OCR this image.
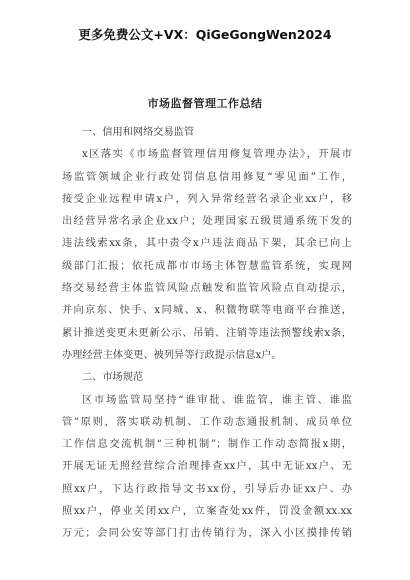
更多免费公文+VX：QiGeGongWen2024
市场监督管理工作总结
一、信用和网络交易监管
x区落实《市场监督管理信用修复管理办法》，开展市
场监管领域企业行政处罚信息信用修复“零见面”工作，
接受企业远程申请x户，列入异常经营名录企业xx户，移
出经营异常名录企业xx户；处理国家五级贯通系统下发的
违法线索xx条，其中责令x户违法商品下架，其余已向上
级部门汇报；依托成都市市场主体智慧监管系统，实现网
络交易经营主体监管风险点触发和监管风险点自动提示，
并向京东、快手、x同城、x、积微物联等电商平台推送，
累计推送变更未更新公示、吊销、注销等违法预警线索x条，
办理经营主体变更、被列异等行政提示信息x户。
二、市场规范
区市场监管局坚持“谁审批、谁监管，谁主管、谁监
管”原则，落实联动机制、工作动态通报机制、成员单位
工作信息交流机制“三种机制”；制作工作动态简报x期，
开展无证无照经营综合治理排查xx户，其中无证xx户、无
照xx户，下达行政指导文书xx份，引导后办证xx户、办
照xx户，停业关闭xx户，立案查处xx件，罚没金额xx.xx
万元；会同公安等部门打击传销行为，深入小区摸排传销
